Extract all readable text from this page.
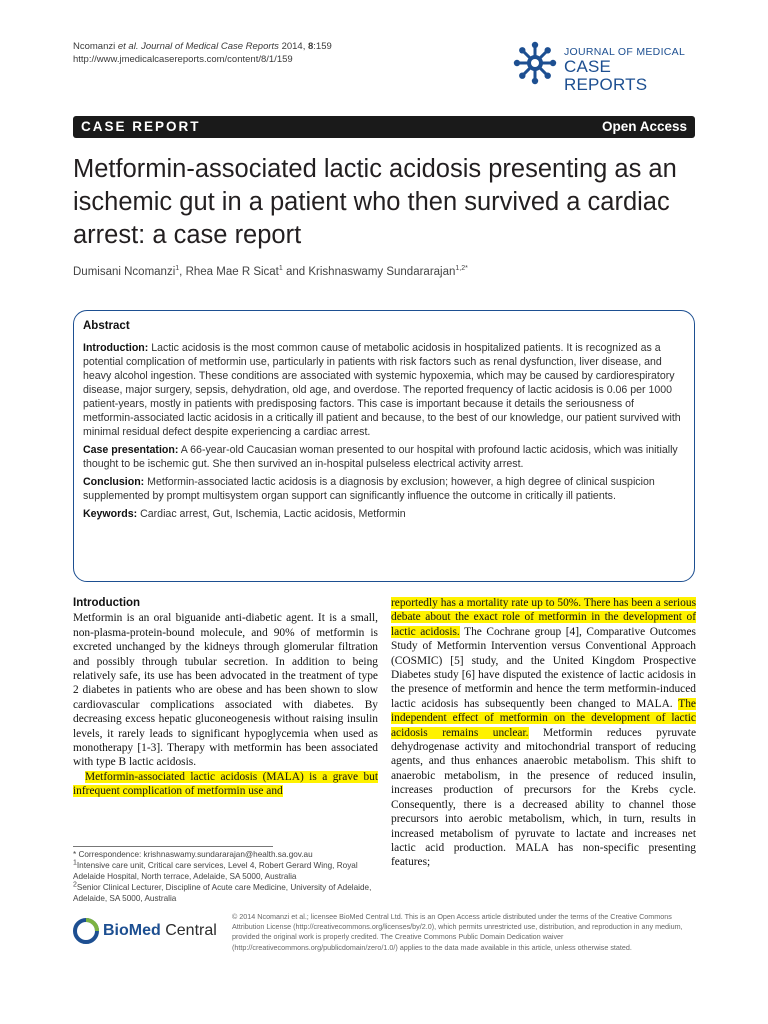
Ncomanzi et al. Journal of Medical Case Reports 2014, 8:159
http://www.jmedicalcasereports.com/content/8/1/159
JOURNAL OF MEDICAL
CASE REPORTS
CASE REPORT	Open Access
Metformin-associated lactic acidosis presenting as an ischemic gut in a patient who then survived a cardiac arrest: a case report
Dumisani Ncomanzi$^1$, Rhea Mae R Sicat$^1$ and Krishnaswamy Sundararajan$^{1,2*}$
Abstract

Introduction: Lactic acidosis is the most common cause of metabolic acidosis in hospitalized patients. It is recognized as a potential complication of metformin use, particularly in patients with risk factors such as renal dysfunction, liver disease, and heavy alcohol ingestion. These conditions are associated with systemic hypoxemia, which may be caused by cardiorespiratory disease, major surgery, sepsis, dehydration, old age, and overdose. The reported frequency of lactic acidosis is 0.06 per 1000 patient-years, mostly in patients with predisposing factors. This case is important because it details the seriousness of metformin-associated lactic acidosis in a critically ill patient and because, to the best of our knowledge, our patient survived with minimal residual defect despite experiencing a cardiac arrest.

Case presentation: A 66-year-old Caucasian woman presented to our hospital with profound lactic acidosis, which was initially thought to be ischemic gut. She then survived an in-hospital pulseless electrical activity arrest.

Conclusion: Metformin-associated lactic acidosis is a diagnosis by exclusion; however, a high degree of clinical suspicion supplemented by prompt multisystem organ support can significantly influence the outcome in critically ill patients.

Keywords: Cardiac arrest, Gut, Ischemia, Lactic acidosis, Metformin

Introduction

Metformin is an oral biguanide anti-diabetic agent. It is a small, non-plasma-protein-bound molecule, and 90% of metformin is excreted unchanged by the kidneys through glomerular filtration and possibly through tubular secretion. In addition to being relatively safe, its use has been advocated in the treatment of type 2 diabetes in patients who are obese and has been shown to slow cardiovascular complications associated with diabetes. By decreasing excess hepatic gluconeogenesis without raising insulin levels, it rarely leads to significant hypoglycemia when used as monotherapy [1-3]. Therapy with metformin has been associated with type B lactic acidosis.

Metformin-associated lactic acidosis (MALA) is a grave but infrequent complication of metformin use and

reportedly has a mortality rate up to 50%. There has been a serious debate about the exact role of metformin in the development of lactic acidosis. The Cochrane group [4], Comparative Outcomes Study of Metformin Intervention versus Conventional Approach (COSMIC) [5] study, and the United Kingdom Prospective Diabetes study [6] have disputed the existence of lactic acidosis in the presence of metformin and hence the term metformin-induced lactic acidosis has subsequently been changed to MALA. The independent effect of metformin on the development of lactic acidosis remains unclear. Metformin reduces pyruvate dehydrogenase activity and mitochondrial transport of reducing agents, and thus enhances anaerobic metabolism. This shift to anaerobic metabolism, in the presence of reduced insulin, increases production of precursors for the Krebs cycle. Consequently, there is a decreased ability to channel those precursors into aerobic metabolism, which, in turn, results in increased metabolism of pyruvate to lactate and increases net lactic acid production. MALA has non-specific presenting features;

* Correspondence: krishnaswamy.sundararajan@health.sa.gov.au

$^1$Intensive care unit, Critical care services, Level 4, Robert Gerard Wing, Royal Adelaide Hospital, North terrace, Adelaide, SA 5000, Australia

$^2$Senior Clinical Lecturer, Discipline of Acute care Medicine, University of Adelaide, Adelaide, SA 5000, Australia

BioMed Central
© 2014 Ncomanzi et al.; licensee BioMed Central Ltd. This is an Open Access article distributed under the terms of the Creative Commons Attribution License (http://creativecommons.org/licenses/by/2.0), which permits unrestricted use, distribution, and reproduction in any medium, provided the original work is properly credited. The Creative Commons Public Domain Dedication waiver (http://creativecommons.org/publicdomain/zero/1.0/) applies to the data made available in this article, unless otherwise stated.
